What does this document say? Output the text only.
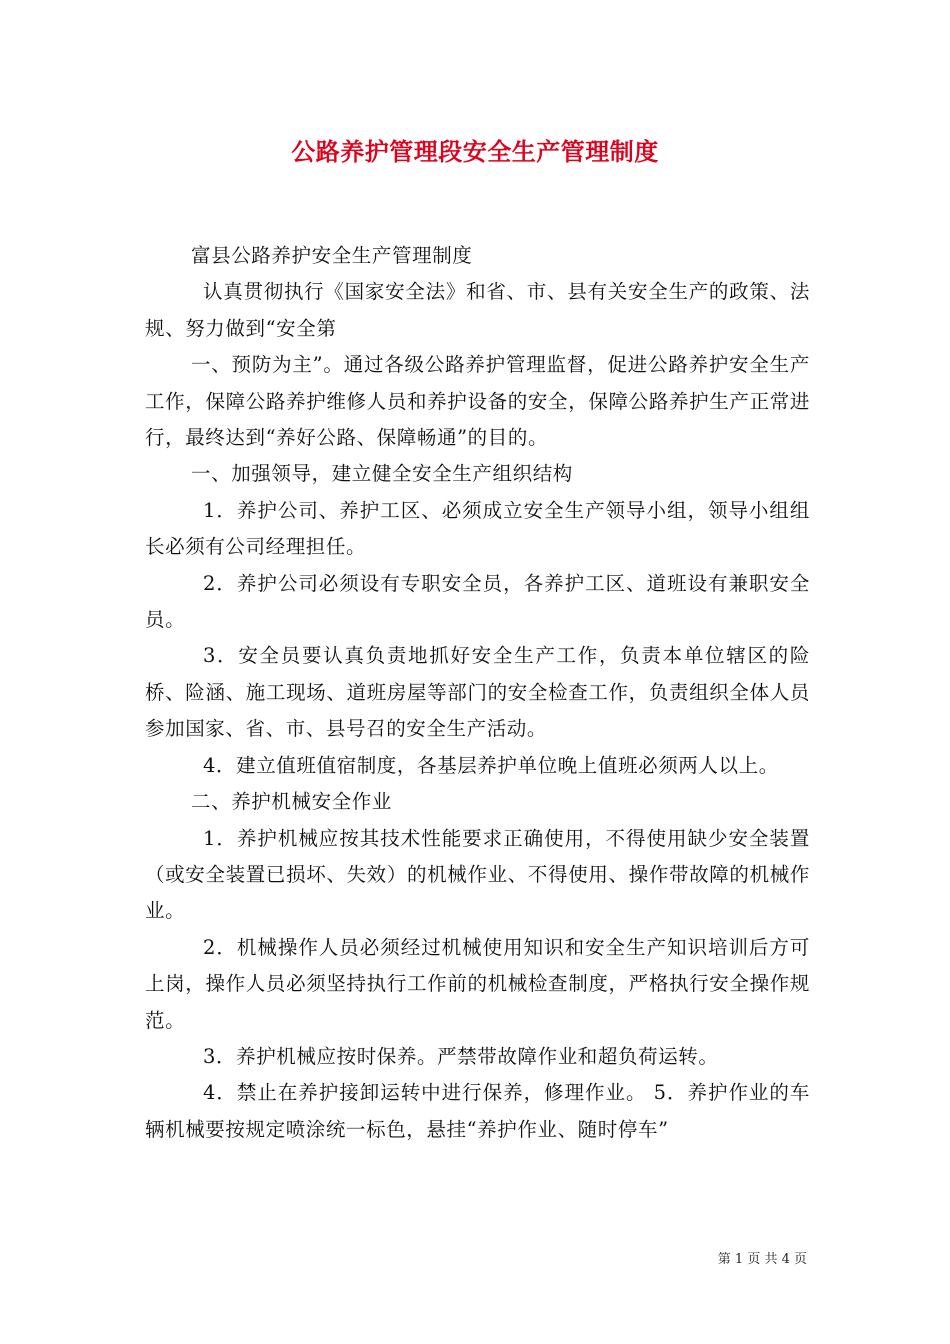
公路养护管理段安全生产管理制度

富县公路养护安全生产管理制度

认真贯彻执行《国家安全法》和省、市、县有关安全生产的政策、法规、努力做到“安全第

一、预防为主”。通过各级公路养护管理监督，促进公路养护安全生产工作，保障公路养护维修人员和养护设备的安全，保障公路养护生产正常进行，最终达到“养好公路、保障畅通”的目的。

一、加强领导，建立健全安全生产组织结构

1．养护公司、养护工区、必须成立安全生产领导小组，领导小组组长必须有公司经理担任。

2．养护公司必须设有专职安全员，各养护工区、道班设有兼职安全员。

3．安全员要认真负责地抓好安全生产工作，负责本单位辖区的险桥、险涵、施工现场、道班房屋等部门的安全检查工作，负责组织全体人员参加国家、省、市、县号召的安全生产活动。

4．建立值班值宿制度，各基层养护单位晚上值班必须两人以上。

二、养护机械安全作业

1．养护机械应按其技术性能要求正确使用，不得使用缺少安全装置（或安全装置已损坏、失效）的机械作业、不得使用、操作带故障的机械作业。

2．机械操作人员必须经过机械使用知识和安全生产知识培训后方可上岗，操作人员必须坚持执行工作前的机械检查制度，严格执行安全操作规范。

3．养护机械应按时保养。严禁带故障作业和超负荷运转。

4．禁止在养护接卸运转中进行保养，修理作业。 5．养护作业的车辆机械要按规定喷涂统一标色，悬挂“养护作业、随时停车”

第 1 页 共 4 页
